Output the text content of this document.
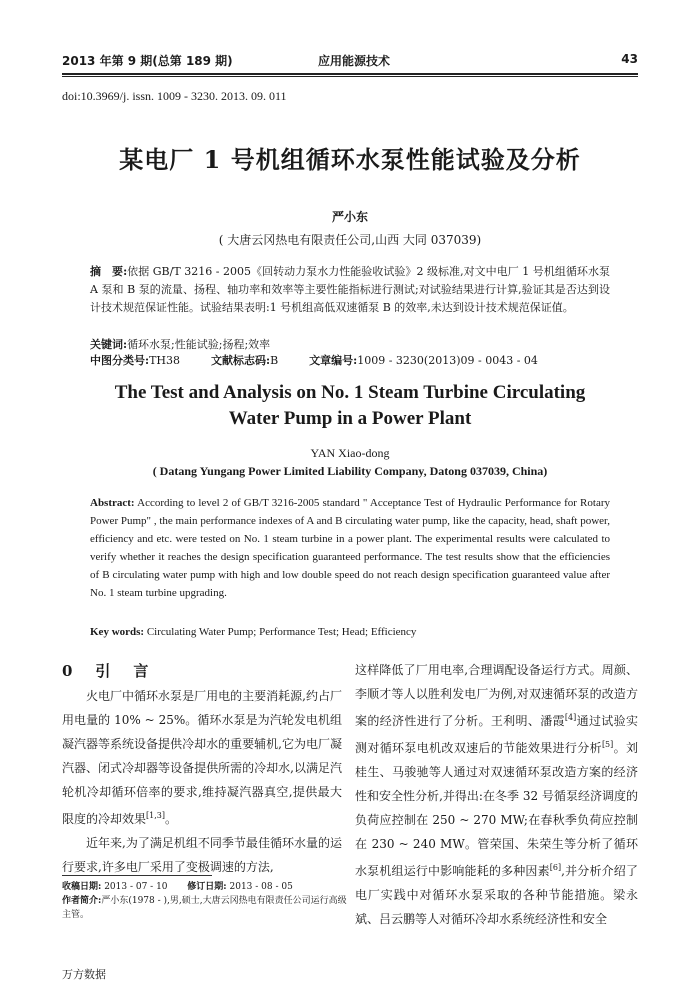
2013 年第 9 期(总第 189 期)	应用能源技术	43
doi:10.3969/j. issn. 1009 - 3230. 2013. 09. 011
某电厂 1 号机组循环水泵性能试验及分析
严小东
( 大唐云冈热电有限责任公司,山西 大同 037039)
摘　要:依据 GB/T 3216 - 2005《回转动力泵水力性能验收试验》2 级标准,对文中电厂 1 号机组循环水泵 A 泵和 B 泵的流量、扬程、轴功率和效率等主要性能指标进行测试;对试验结果进行计算,验证其是否达到设计技术规范保证性能。试验结果表明:1 号机组高低双速循泵 B 的效率,未达到设计技术规范保证值。
关键词:循环水泵;性能试验;扬程;效率
中图分类号:TH38	文献标志码:B	文章编号:1009 - 3230(2013)09 - 0043 - 04
The Test and Analysis on No. 1 Steam Turbine Circulating
Water Pump in a Power Plant
YAN Xiao-dong
( Datang Yungang Power Limited Liability Company, Datong 037039, China)
Abstract: According to level 2 of GB/T 3216-2005 standard " Acceptance Test of Hydraulic Performance for Rotary Power Pump" , the main performance indexes of A and B circulating water pump, like the capacity, head, shaft power, efficiency and etc. were tested on No. 1 steam turbine in a power plant. The experimental results were calculated to verify whether it reaches the design specification guaranteed performance. The test results show that the efficiencies of B circulating water pump with high and low double speed do not reach design specification guaranteed value after No. 1 steam turbine upgrading.
Key words: Circulating Water Pump; Performance Test; Head; Efficiency
0　引　言

火电厂中循环水泵是厂用电的主要消耗源,约占厂用电量的 10% ~ 25%。循环水泵是为汽轮发电机组凝汽器等系统设备提供冷却水的重要辅机,它为电厂凝汽器、闭式冷却器等设备提供所需的冷却水,以满足汽轮机冷却循环倍率的要求,维持凝汽器真空,提供最大限度的冷却效果[1,3]。

近年来,为了满足机组不同季节最佳循环水量的运行要求,许多电厂采用了变极调速的方法,

这样降低了厂用电率,合理调配设备运行方式。周颜、李顺才等人以胜利发电厂为例,对双速循环泵的改造方案的经济性进行了分析。王利明、潘霞[4]通过试验实测对循环泵电机改双速后的节能效果进行分析[5]。刘桂生、马骏驰等人通过对双速循环泵改造方案的经济性和安全性分析,并得出:在冬季 32 号循泵经济调度的负荷应控制在 250 ~ 270 MW;在春秋季负荷应控制在 230 ~ 240 MW。管荣国、朱荣生等分析了循环水泵机组运行中影响能耗的多种因素[6],并分析介绍了电厂实践中对循环水泵采取的各种节能措施。梁永斌、吕云鹏等人对循环冷却水系统经济性和安全

收稿日期: 2013 - 07 - 10 修订日期: 2013 - 08 - 05
作者简介:严小东(1978 - ),男,硕士,大唐云冈热电有限责任公司运行高级主管。
万方数据
